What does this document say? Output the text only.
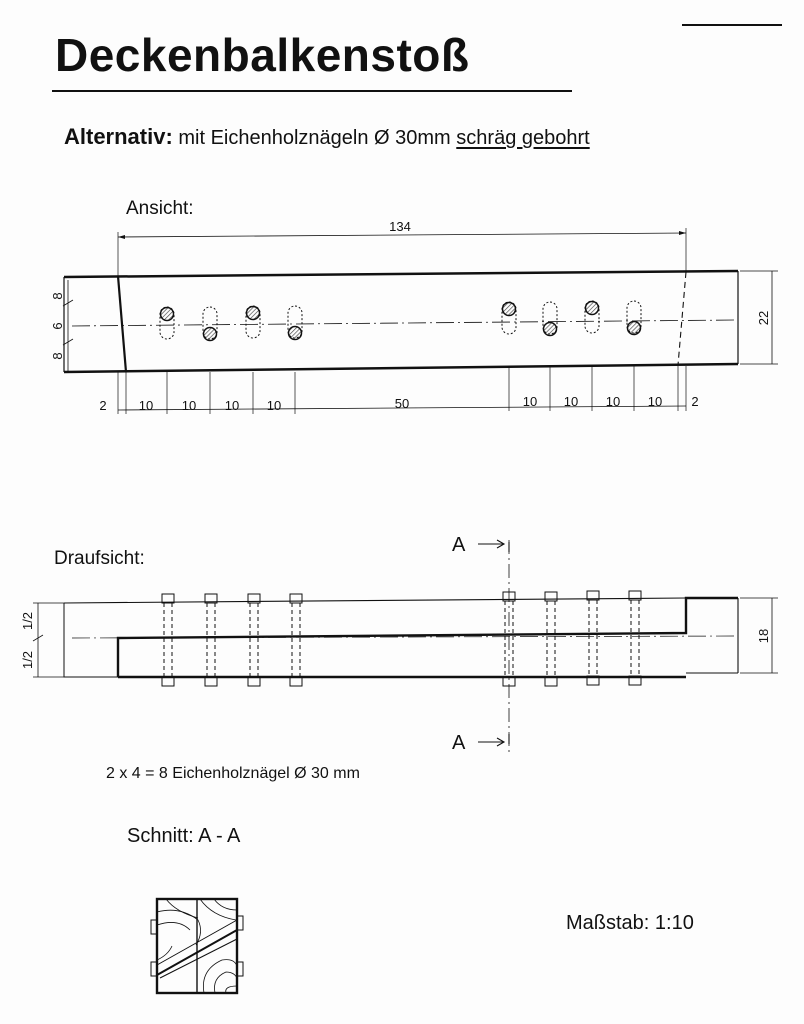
Deckenbalkenstoß
Alternativ: mit Eichenholznägeln Ø 30mm schräg gebohrt
Ansicht:
Draufsicht:
2 x 4 = 8 Eichenholznägel Ø 30 mm
Schnitt: A - A
Maßstab: 1:10
134
22
8
6
8
2 10 10 10 10	50	10 10 10 10 2
18
1/2
1/2
A
A
